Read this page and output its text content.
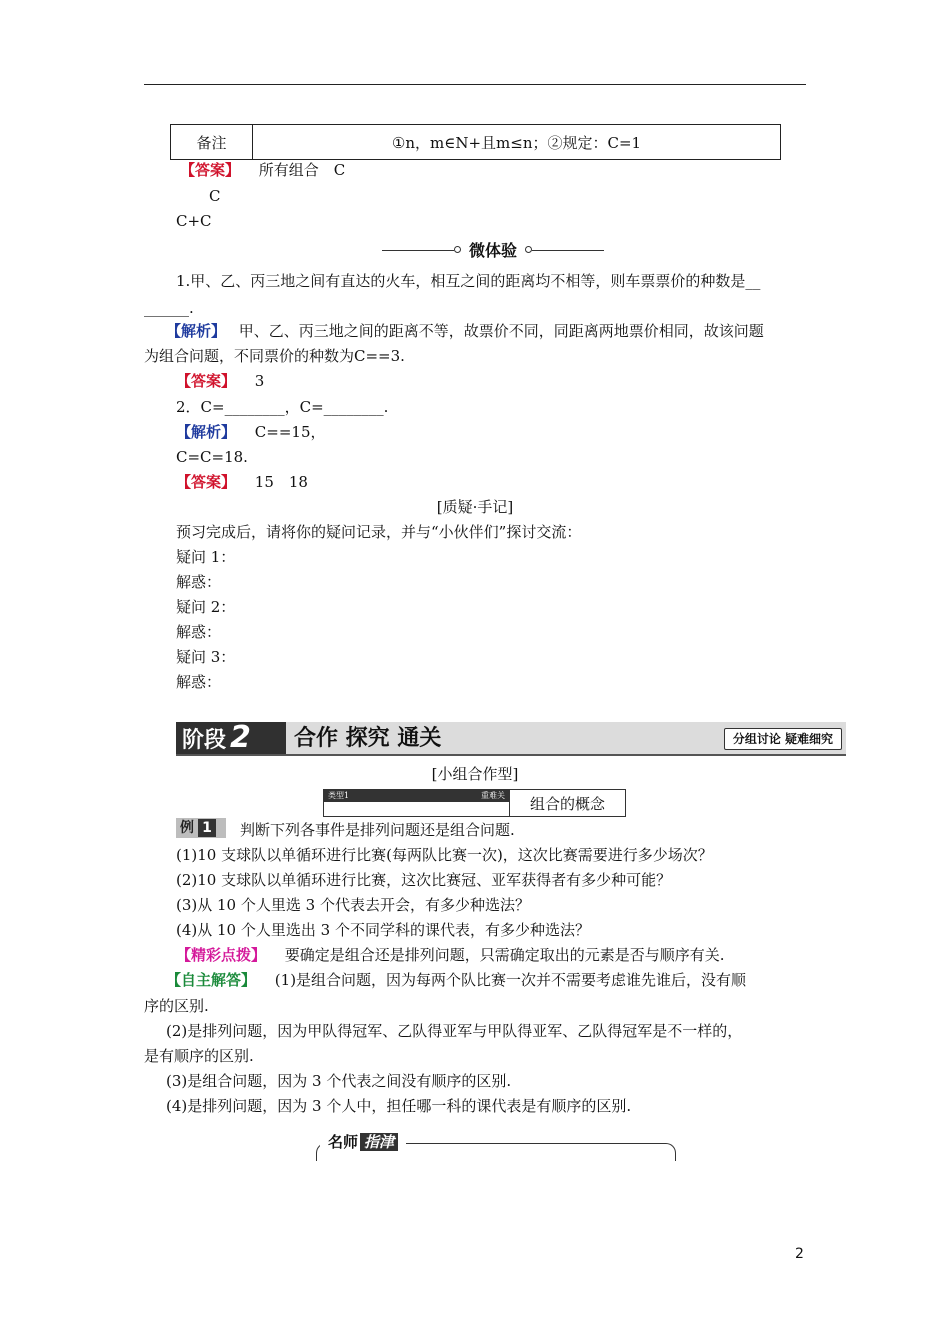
备注	①n，m∈N+且m≤n；②规定：C=1
【答案】 所有组合　C
C
C+C
微体验
1.甲、乙、丙三地之间有直达的火车，相互之间的距离均不相等，则车票票价的种数是__
______.
【解析】 甲、乙、丙三地之间的距离不等，故票价不同，同距离两地票价相同，故该问题
为组合问题，不同票价的种数为C==3.
【答案】 3
2．C=________，C=________.
【解析】 C==15，
C=C=18.
【答案】 15　18
[质疑·手记]
预习完成后，请将你的疑问记录，并与“小伙伴们”探讨交流：
疑问 1：
解惑：
疑问 2：
解惑：
疑问 3：
解惑：
阶段 2	合作 探究 通关	分组讨论 疑难细究
[小组合作型]
类型1	重难关	组合的概念
例 1	判断下列各事件是排列问题还是组合问题.
(1)10 支球队以单循环进行比赛(每两队比赛一次)，这次比赛需要进行多少场次？
(2)10 支球队以单循环进行比赛，这次比赛冠、亚军获得者有多少种可能？
(3)从 10 个人里选 3 个代表去开会，有多少种选法？
(4)从 10 个人里选出 3 个不同学科的课代表，有多少种选法？
【精彩点拨】 要确定是组合还是排列问题，只需确定取出的元素是否与顺序有关.
【自主解答】 (1)是组合问题，因为每两个队比赛一次并不需要考虑谁先谁后，没有顺
序的区别.
(2)是排列问题，因为甲队得冠军、乙队得亚军与甲队得亚军、乙队得冠军是不一样的，
是有顺序的区别.
(3)是组合问题，因为 3 个代表之间没有顺序的区别.
(4)是排列问题，因为 3 个人中，担任哪一科的课代表是有顺序的区别.
名师 指津
2
